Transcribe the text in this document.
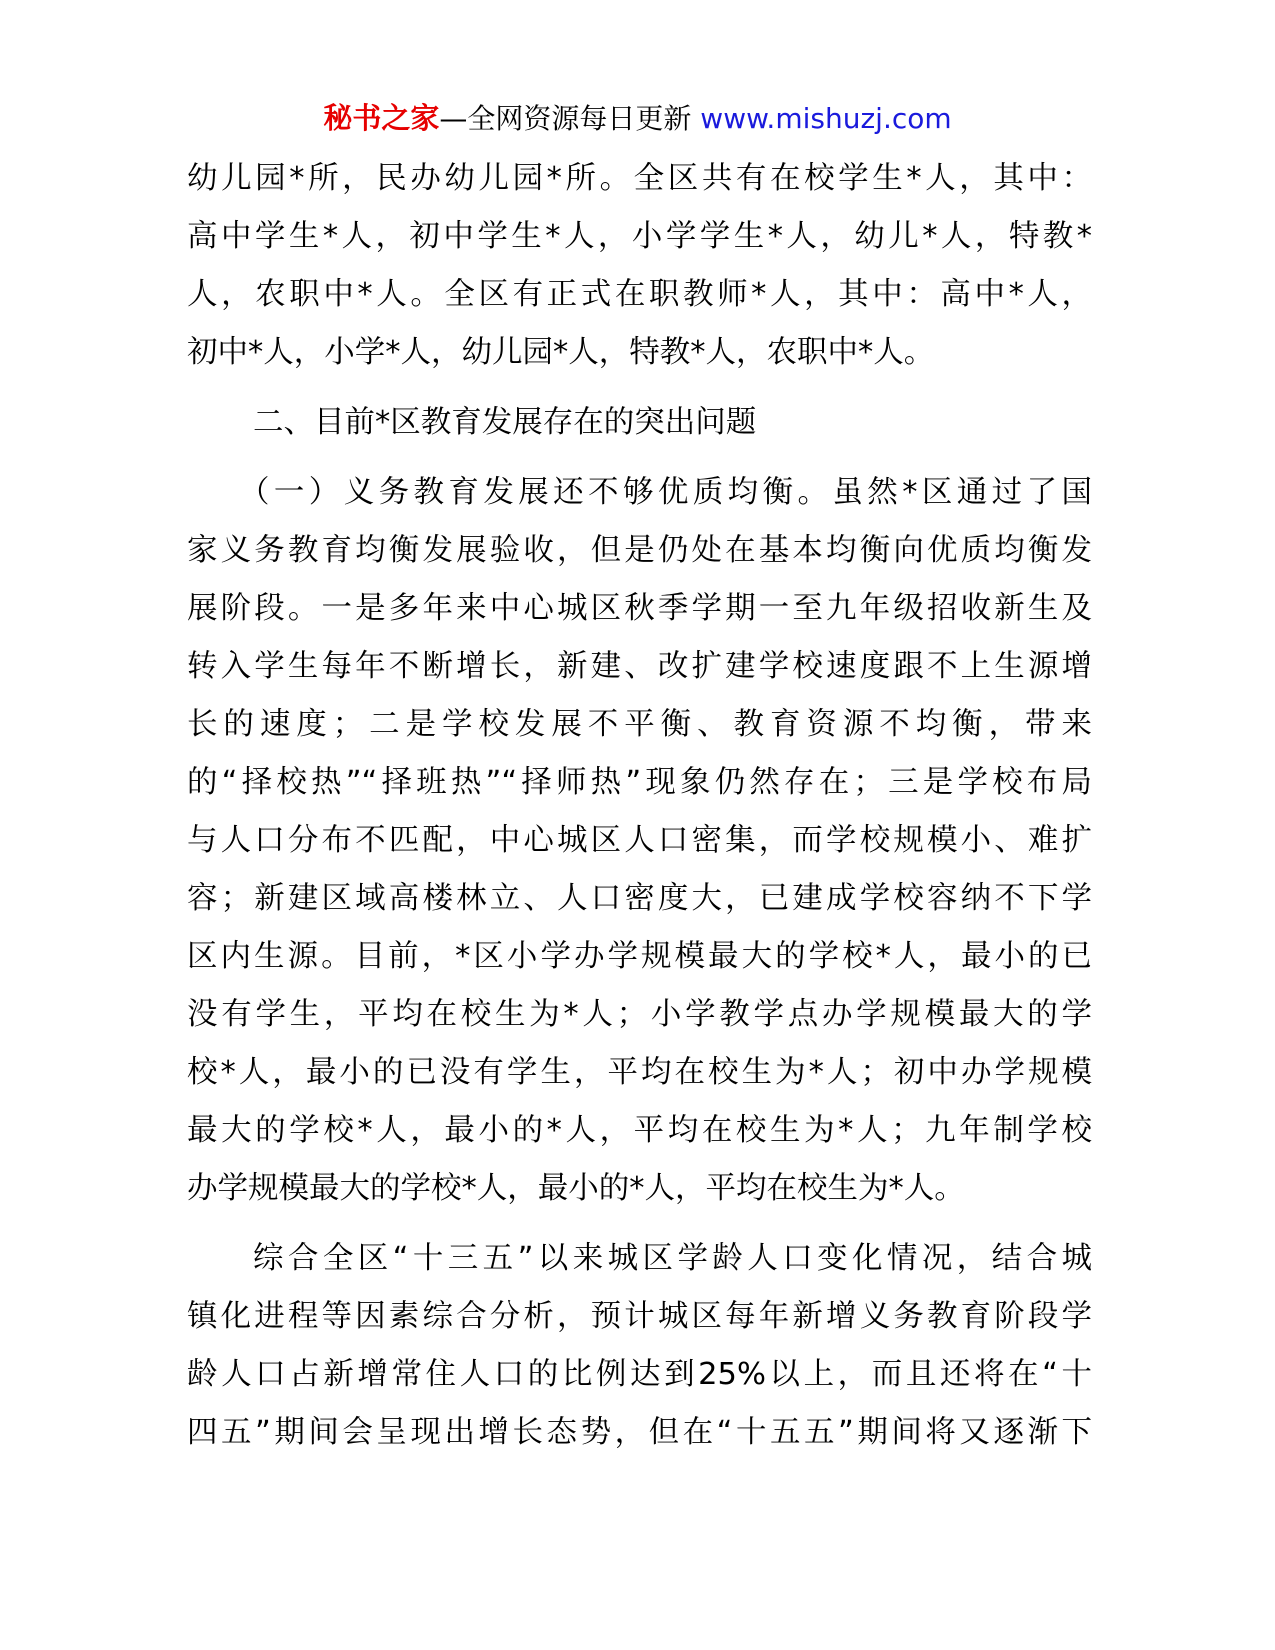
秘书之家—全网资源每日更新 www.mishuzj.com
幼儿园*所，民办幼儿园*所。全区共有在校学生*人，其中：
高中学生*人，初中学生*人，小学学生*人，幼儿*人，特教*
人，农职中*人。全区有正式在职教师*人，其中：高中*人，
初中*人，小学*人，幼儿园*人，特教*人，农职中*人。
二、目前*区教育发展存在的突出问题
（一）义务教育发展还不够优质均衡。虽然*区通过了国
家义务教育均衡发展验收，但是仍处在基本均衡向优质均衡发
展阶段。一是多年来中心城区秋季学期一至九年级招收新生及
转入学生每年不断增长，新建、改扩建学校速度跟不上生源增
长的速度；二是学校发展不平衡、教育资源不均衡，带来
的“择校热”“择班热”“择师热”现象仍然存在；三是学校布局
与人口分布不匹配，中心城区人口密集，而学校规模小、难扩
容；新建区域高楼林立、人口密度大，已建成学校容纳不下学
区内生源。目前，*区小学办学规模最大的学校*人，最小的已
没有学生，平均在校生为*人；小学教学点办学规模最大的学
校*人，最小的已没有学生，平均在校生为*人；初中办学规模
最大的学校*人，最小的*人，平均在校生为*人；九年制学校
办学规模最大的学校*人，最小的*人，平均在校生为*人。
综合全区“十三五”以来城区学龄人口变化情况，结合城
镇化进程等因素综合分析，预计城区每年新增义务教育阶段学
龄人口占新增常住人口的比例达到25%以上，而且还将在“十
四五”期间会呈现出增长态势，但在“十五五”期间将又逐渐下
